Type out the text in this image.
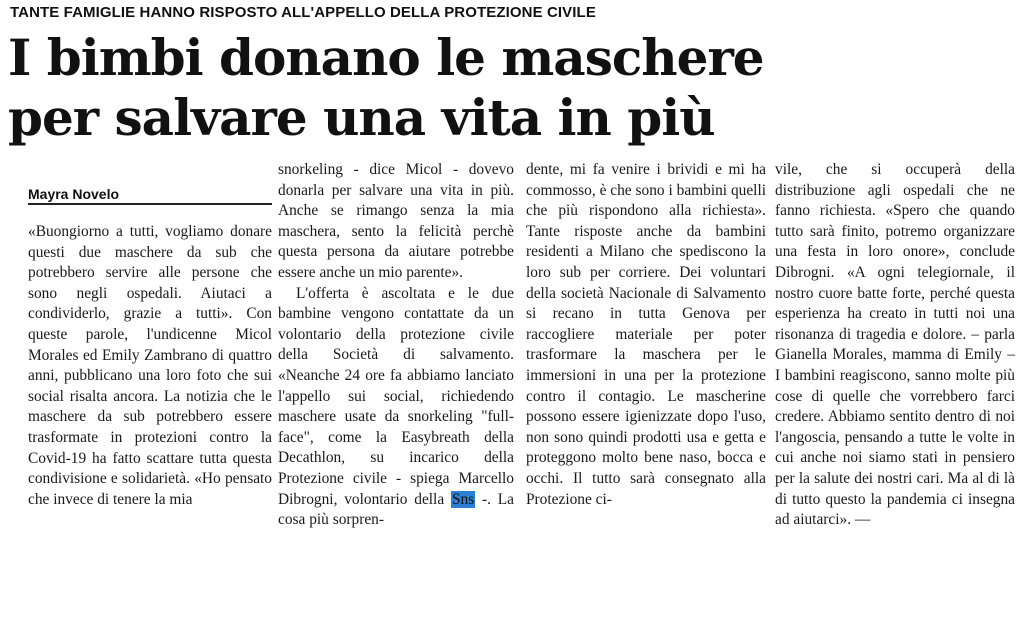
TANTE FAMIGLIE HANNO RISPOSTO ALL'APPELLO DELLA PROTEZIONE CIVILE
I bimbi donano le maschere
per salvare una vita in più
Mayra Novelo

«Buongiorno a tutti, vogliamo donare questi due maschere da sub che potrebbero servire alle persone che sono negli ospedali. Aiutaci a condividerlo, grazie a tutti». Con queste parole, l'undicenne Micol Morales ed Emily Zambrano di quattro anni, pubblicano una loro foto che sui social risalta ancora. La notizia che le maschere da sub potrebbero essere trasformate in protezioni contro la Covid-19 ha fatto scattare tutta questa condivisione e solidarietà. «Ho pensato che invece di tenere la mia

snorkeling - dice Micol - dovevo donarla per salvare una vita in più. Anche se rimango senza la mia maschera, sento la felicità perchè questa persona da aiutare potrebbe essere anche un mio parente».

L'offerta è ascoltata e le due bambine vengono contattate da un volontario della protezione civile della Società di salvamento. «Neanche 24 ore fa abbiamo lanciato l'appello sui social, richiedendo maschere usate da snorkeling "full-face", come la Easybreath della Decathlon, su incarico della Protezione civile - spiega Marcello Dibrogni, volontario della Sns -. La cosa più sorpren-

dente, mi fa venire i brividi e mi ha commosso, è che sono i bambini quelli che più rispondono alla richiesta». Tante risposte anche da bambini residenti a Milano che spediscono la loro sub per corriere. Dei voluntari della società Nacionale di Salvamento si recano in tutta Genova per raccogliere materiale per poter trasformare la maschera per le immersioni in una per la protezione contro il contagio. Le mascherine possono essere igienizzate dopo l'uso, non sono quindi prodotti usa e getta e proteggono molto bene naso, bocca e occhi. Il tutto sarà consegnato alla Protezione ci-

vile, che si occuperà della distribuzione agli ospedali che ne fanno richiesta. «Spero che quando tutto sarà finito, potremo organizzare una festa in loro onore», conclude Dibrogni. «A ogni telegiornale, il nostro cuore batte forte, perché questa esperienza ha creato in tutti noi una risonanza di tragedia e dolore. – parla Gianella Morales, mamma di Emily – I bambini reagiscono, sanno molte più cose di quelle che vorrebbero farci credere. Abbiamo sentito dentro di noi l'angoscia, pensando a tutte le volte in cui anche noi siamo stati in pensiero per la salute dei nostri cari. Ma al di là di tutto questo la pandemia ci insegna ad aiutarci». —
